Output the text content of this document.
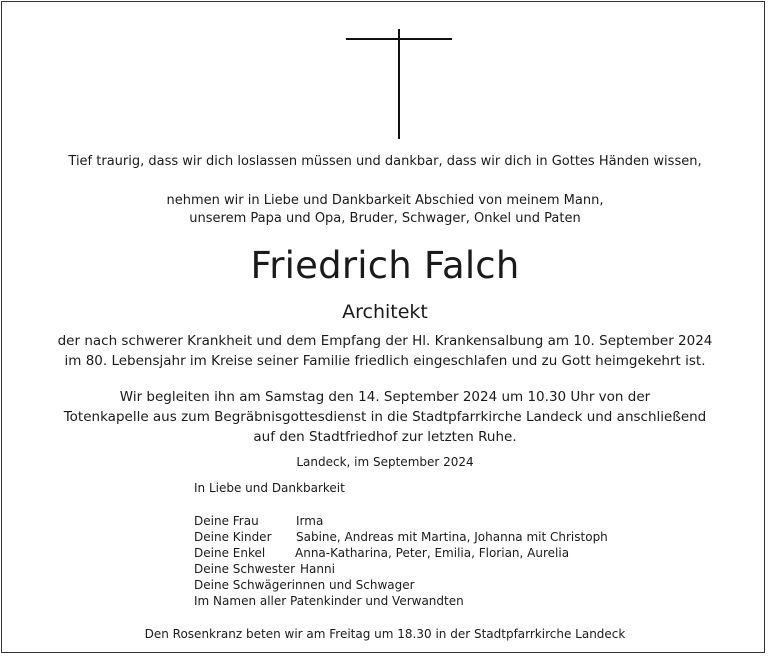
Tief traurig, dass wir dich loslassen müssen und dankbar, dass wir dich in Gottes Händen wissen,
nehmen wir in Liebe und Dankbarkeit Abschied von meinem Mann,
unserem Papa und Opa, Bruder, Schwager, Onkel und Paten
Friedrich Falch
Architekt
der nach schwerer Krankheit und dem Empfang der Hl. Krankensalbung am 10. September 2024
im 80. Lebensjahr im Kreise seiner Familie friedlich eingeschlafen und zu Gott heimgekehrt ist.
Wir begleiten ihn am Samstag den 14. September 2024 um 10.30 Uhr von der
Totenkapelle aus zum Begräbnisgottesdienst in die Stadtpfarrkirche Landeck und anschließend
auf den Stadtfriedhof zur letzten Ruhe.
Landeck, im September 2024
In Liebe und Dankbarkeit
Deine Frau	Irma
Deine Kinder Sabine, Andreas mit Martina, Johanna mit Christoph
Deine Enkel Anna-Katharina, Peter, Emilia, Florian, Aurelia
Deine Schwester Hanni
Deine Schwägerinnen und Schwager
Im Namen aller Patenkinder und Verwandten
Den Rosenkranz beten wir am Freitag um 18.30 in der Stadtpfarrkirche Landeck
